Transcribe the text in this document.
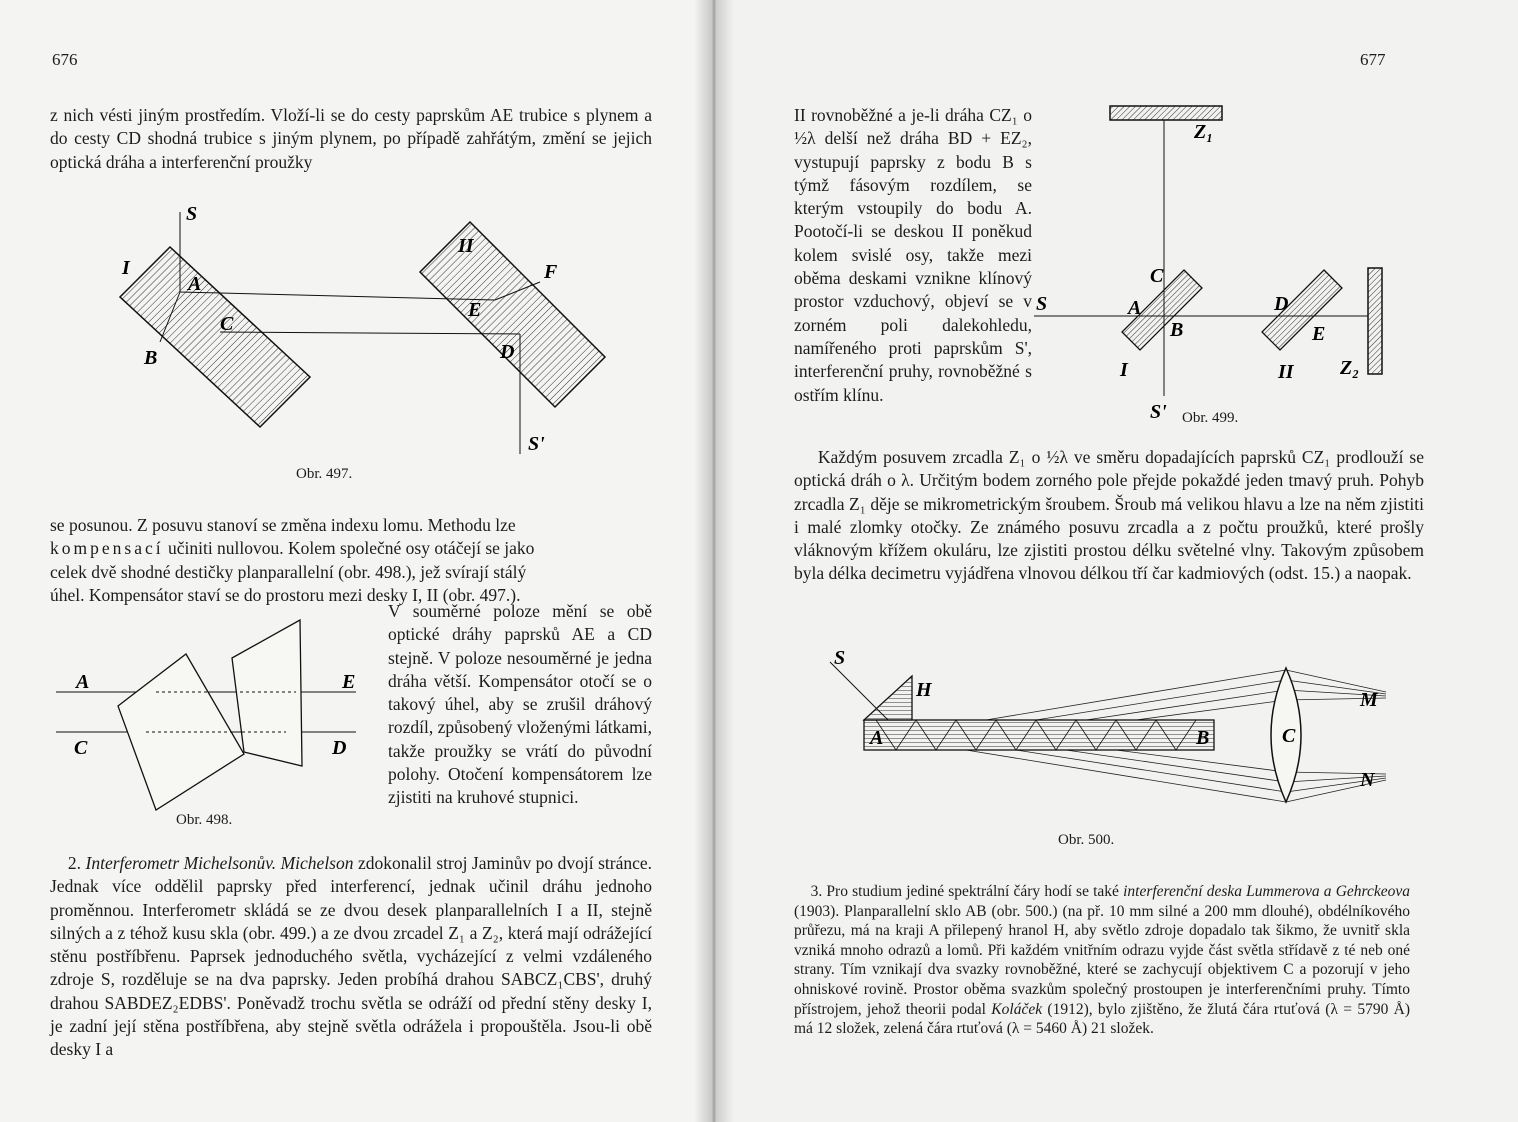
676

z nich vésti jiným prostředím. Vloží-li se do cesty paprskům AE trubice s plynem a do cesty CD shodná trubice s jiným plynem, po případě zahřátým, změní se jejich optická dráha a interferenční proužky

S
I
A
C
B
II
F
E
D
S'
Obr. 497.

se posunou. Z posuvu stanoví se změna indexu lomu. Methodu lze
kompensací učiniti nullovou. Kolem společné osy otáčejí se jako
celek dvě shodné destičky planparallelní (obr. 498.), jež svírají stálý
úhel. Kompensátor staví se do prostoru mezi desky I, II (obr. 497.).

A	E
C	D
Obr. 498.

V souměrné poloze mění se obě optické dráhy paprsků AE a CD stejně. V poloze nesouměrné je jedna dráha větší. Kompensátor otočí se o takový úhel, aby se zrušil dráhový rozdíl, způsobený vloženými látkami, takže proužky se vrátí do původní polohy. Otočení kompensátorem lze zjistiti na kruhové stupnici.

2. Interferometr Michelsonův. Michelson zdokonalil stroj Jaminův po dvojí stránce. Jednak více oddělil paprsky před interferencí, jednak učinil dráhu jednoho proměnnou. Interferometr skládá se ze dvou desek planparallelních I a II, stejně silných a z téhož kusu skla (obr. 499.) a ze dvou zrcadel Z₁ a Z₂, která mají odrážející stěnu postříbřenu. Paprsek jednoduchého světla, vycházející z velmi vzdáleného zdroje S, rozděluje se na dva paprsky. Jeden probíhá drahou SABCZ₁CBS', druhý drahou SABDEZ₂EDBS'. Poněvadž trochu světla se odráží od přední stěny desky I, je zadní její stěna postříbřena, aby stejně světla odrážela i propouštěla. Jsou-li obě desky I a

677

II rovnoběžné a je-li dráha CZ₁ o ½λ delší než dráha BD + EZ₂, vystupují paprsky z bodu B s týmž fásovým rozdílem, se kterým vstoupily do bodu A. Pootočí-li se deskou II poněkud kolem svislé osy, takže mezi oběma deskami vznikne klínový prostor vzduchový, objeví se v zorném poli dalekohledu, namířeného proti paprskům S', interferenční pruhy, rovnoběžné s ostřím klínu.

Z₁
C
S	A
B
I
D
E
II Z₂
S' Obr. 499.

Každým posuvem zrcadla Z₁ o ½λ ve směru dopadajících paprsků CZ₁ prodlouží se optická dráh o λ. Určitým bodem zorného pole přejde pokaždé jeden tmavý pruh. Pohyb zrcadla Z₁ děje se mikrometrickým šroubem. Šroub má velikou hlavu a lze na něm zjistiti i malé zlomky otočky. Ze známého posuvu zrcadla a z počtu proužků, které prošly vláknovým křížem okuláru, lze zjistiti prostou délku světelné vlny. Takovým způsobem byla délka decimetru vyjádřena vlnovou délkou tří čar kadmiových (odst. 15.) a naopak.

S
H
A	B	C
M
N
Obr. 500.

3. Pro studium jediné spektrální čáry hodí se také interferenční deska Lummerova a Gehrckeova (1903). Planparallelní sklo AB (obr. 500.) (na př. 10 mm silné a 200 mm dlouhé), obdélníkového průřezu, má na kraji A přilepený hranol H, aby světlo zdroje dopadalo tak šikmo, že uvnitř skla vzniká mnoho odrazů a lomů. Při každém vnitřním odrazu vyjde část světla střídavě z té neb oné strany. Tím vznikají dva svazky rovnoběžné, které se zachycují objektivem C a pozorují v jeho ohniskové rovině. Prostor oběma svazkům společný prostoupen je interferenčními pruhy. Tímto přístrojem, jehož theorii podal Koláček (1912), bylo zjištěno, že žlutá čára rtuťová (λ = 5790 Å) má 12 složek, zelená čára rtuťová (λ = 5460 Å) 21 složek.
